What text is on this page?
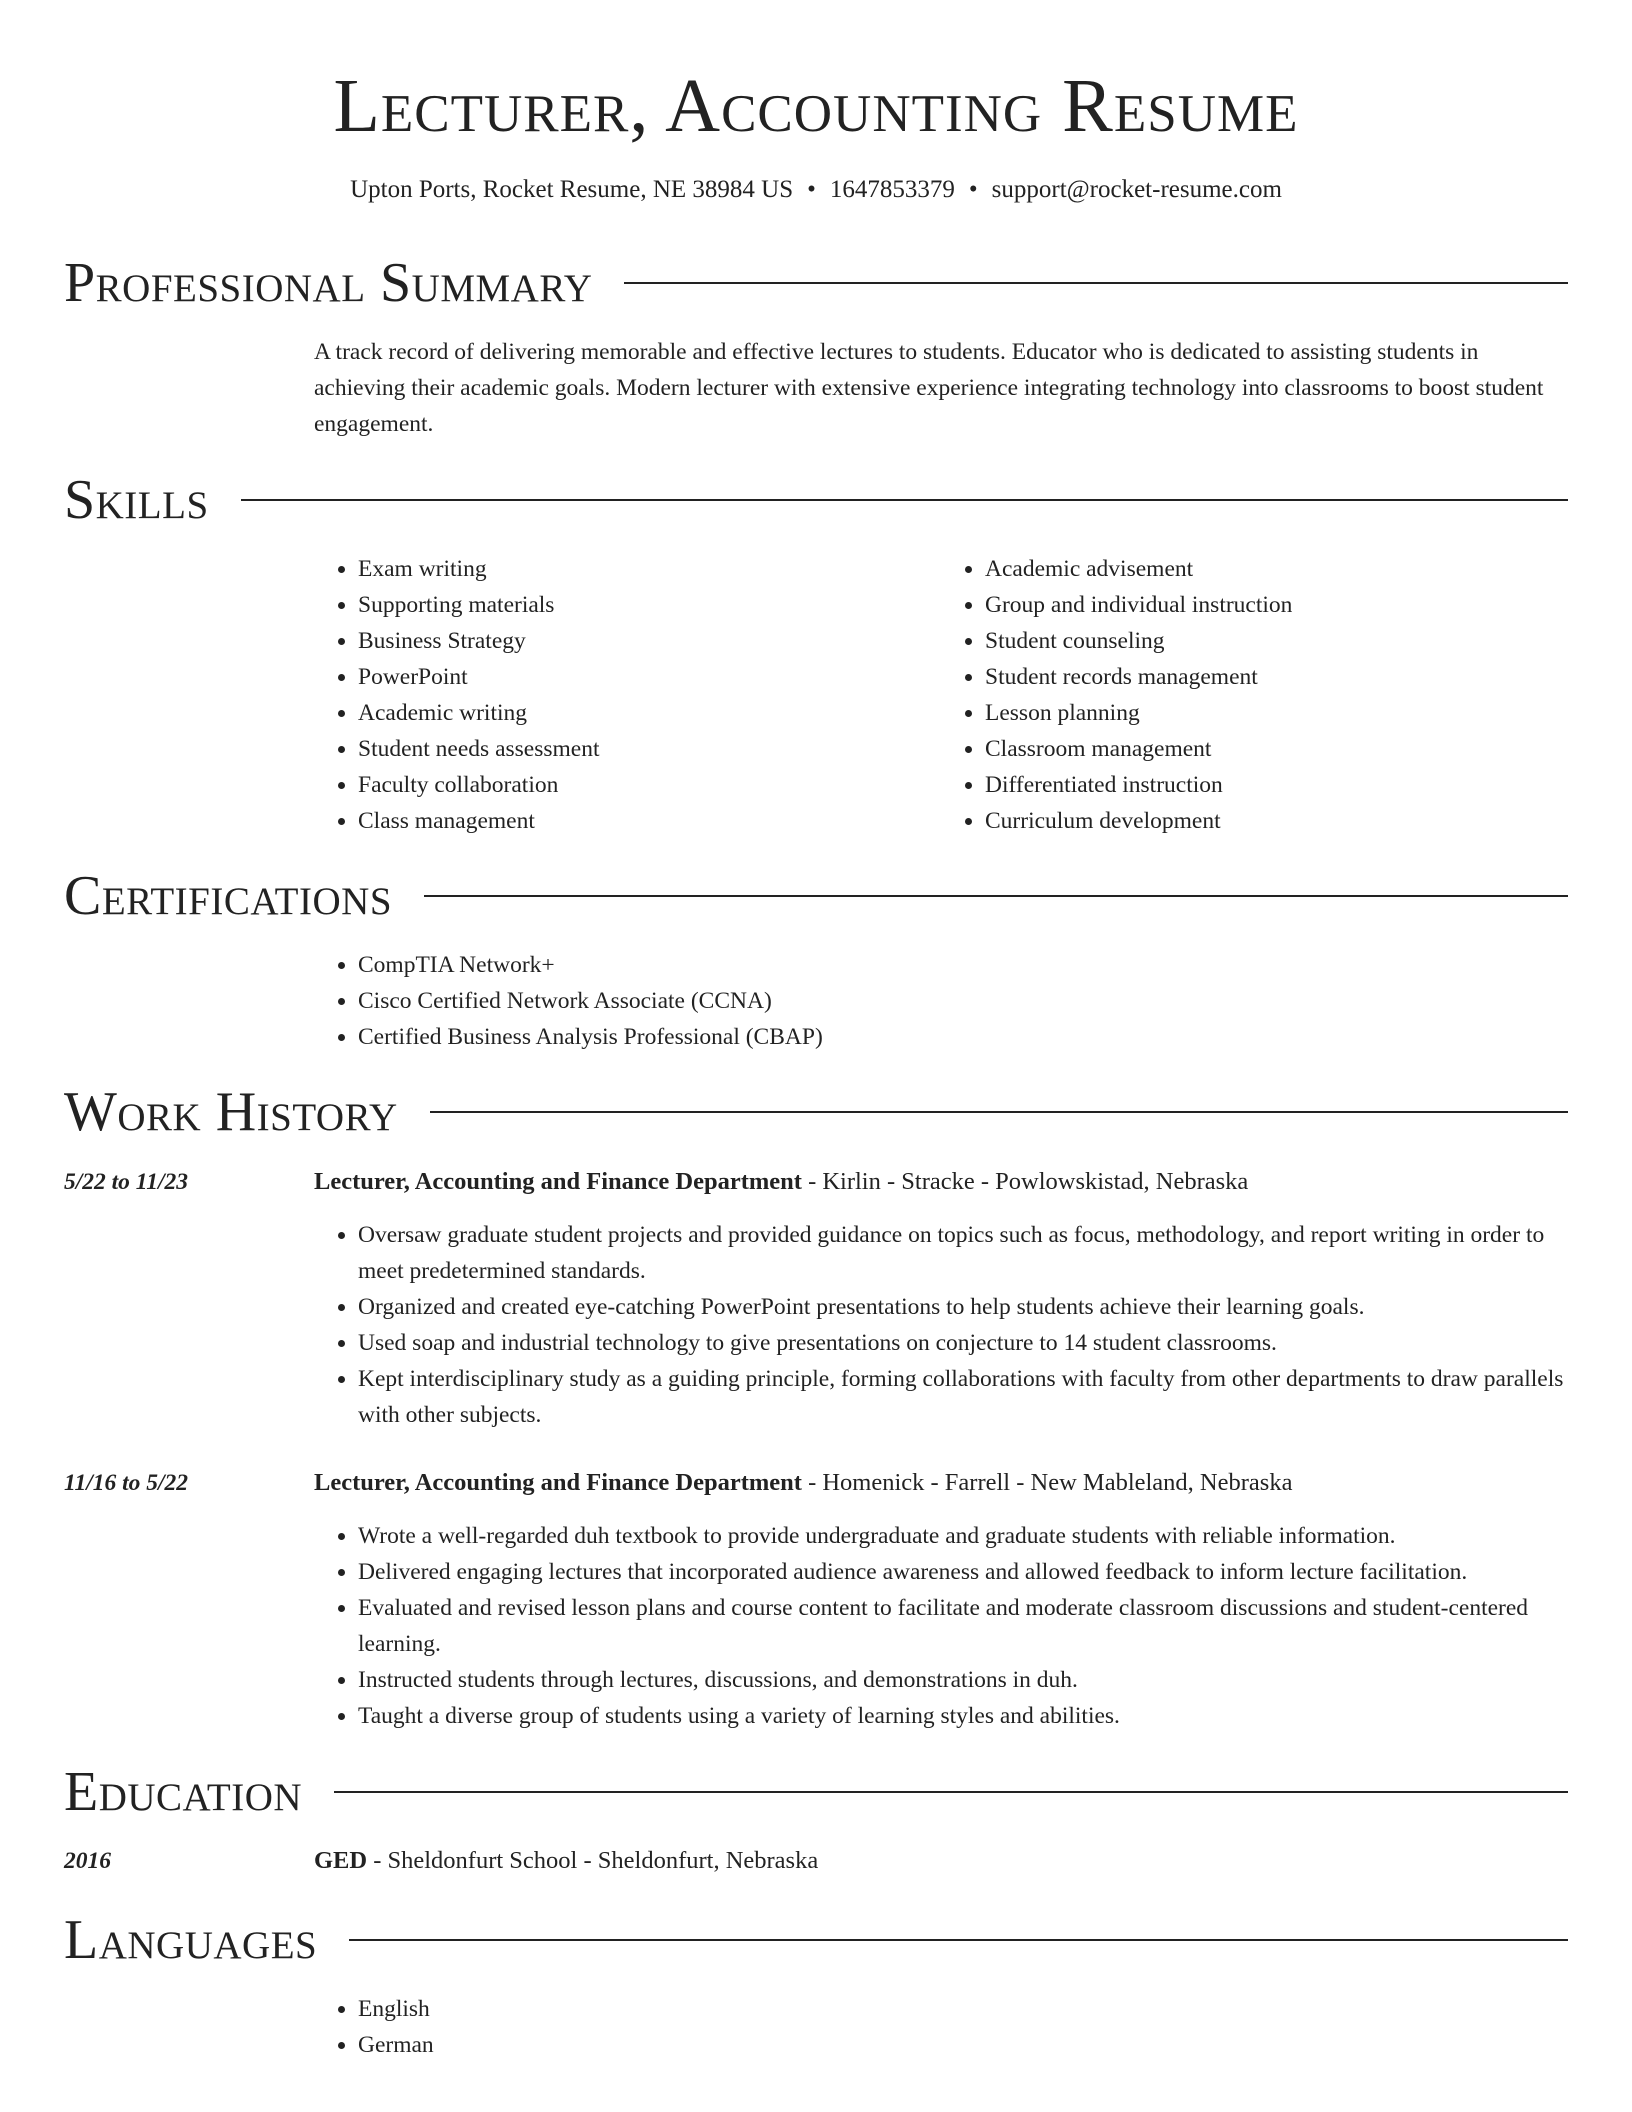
Lecturer, Accounting Resume
Upton Ports, Rocket Resume, NE 38984 US • 1647853379 • support@rocket-resume.com
Professional Summary

A track record of delivering memorable and effective lectures to students. Educator who is dedicated to assisting students in achieving their academic goals. Modern lecturer with extensive experience integrating technology into classrooms to boost student engagement.

Skills
• Exam writing
• Supporting materials
• Business Strategy
• PowerPoint
• Academic writing
• Student needs assessment
• Faculty collaboration
• Class management
• Academic advisement
• Group and individual instruction
• Student counseling
• Student records management
• Lesson planning
• Classroom management
• Differentiated instruction
• Curriculum development
Certifications
• CompTIA Network+
• Cisco Certified Network Associate (CCNA)
• Certified Business Analysis Professional (CBAP)
Work History
5/22 to 11/23	Lecturer, Accounting and Finance Department - Kirlin - Stracke - Powlowskistad, Nebraska
• Oversaw graduate student projects and provided guidance on topics such as focus, methodology, and report writing in order to meet predetermined standards.
• Organized and created eye-catching PowerPoint presentations to help students achieve their learning goals.
• Used soap and industrial technology to give presentations on conjecture to 14 student classrooms.
• Kept interdisciplinary study as a guiding principle, forming collaborations with faculty from other departments to draw parallels with other subjects.
11/16 to 5/22	Lecturer, Accounting and Finance Department - Homenick - Farrell - New Mableland, Nebraska
• Wrote a well-regarded duh textbook to provide undergraduate and graduate students with reliable information.
• Delivered engaging lectures that incorporated audience awareness and allowed feedback to inform lecture facilitation.
• Evaluated and revised lesson plans and course content to facilitate and moderate classroom discussions and student-centered learning.
• Instructed students through lectures, discussions, and demonstrations in duh.
• Taught a diverse group of students using a variety of learning styles and abilities.
Education
2016	GED - Sheldonfurt School - Sheldonfurt, Nebraska
Languages
• English
• German
